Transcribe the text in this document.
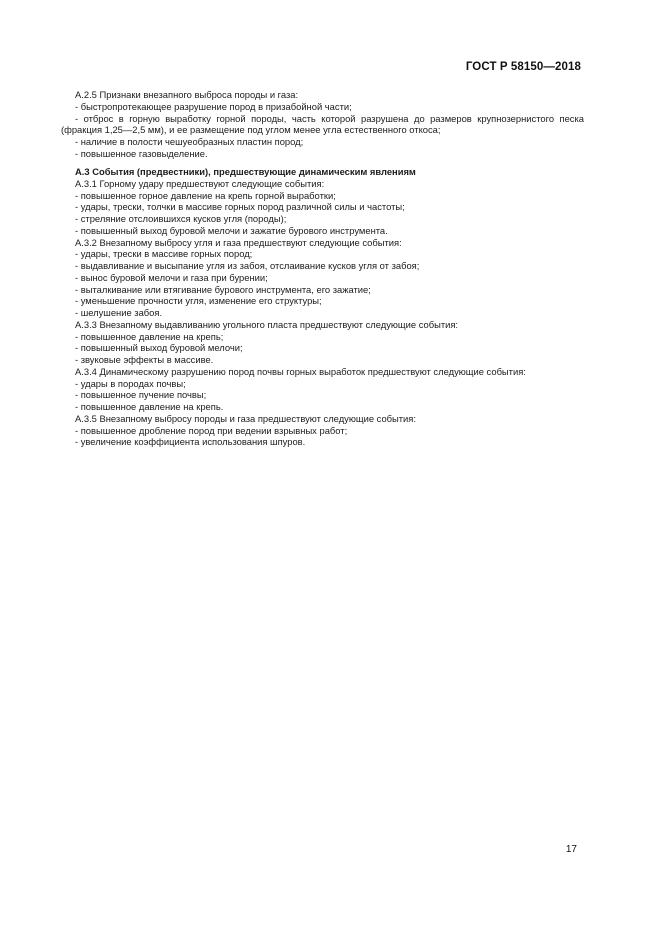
ГОСТ Р 58150—2018
А.2.5 Признаки внезапного выброса породы и газа:
- быстропротекающее разрушение пород в призабойной части;
- отброс в горную выработку горной породы, часть которой разрушена до размеров крупнозернистого песка
(фракция 1,25—2,5 мм), и ее размещение под углом менее угла естественного откоса;
- наличие в полости чешуеобразных пластин пород;
- повышенное газовыделение.
А.3 События (предвестники), предшествующие динамическим явлениям
А.3.1 Горному удару предшествуют следующие события:
- повышенное горное давление на крепь горной выработки;
- удары, трески, толчки в массиве горных пород различной силы и частоты;
- стреляние отслоившихся кусков угля (породы);
- повышенный выход буровой мелочи и зажатие бурового инструмента.
А.3.2 Внезапному выбросу угля и газа предшествуют следующие события:
- удары, трески в массиве горных пород;
- выдавливание и высыпание угля из забоя, отслаивание кусков угля от забоя;
- вынос буровой мелочи и газа при бурении;
- выталкивание или втягивание бурового инструмента, его зажатие;
- уменьшение прочности угля, изменение его структуры;
- шелушение забоя.
А.3.3 Внезапному выдавливанию угольного пласта предшествуют следующие события:
- повышенное давление на крепь;
- повышенный выход буровой мелочи;
- звуковые эффекты в массиве.
А.3.4 Динамическому разрушению пород почвы горных выработок предшествуют следующие события:
- удары в породах почвы;
- повышенное пучение почвы;
- повышенное давление на крепь.
А.3.5 Внезапному выбросу породы и газа предшествуют следующие события:
- повышенное дробление пород при ведении взрывных работ;
- увеличение коэффициента использования шпуров.
17
